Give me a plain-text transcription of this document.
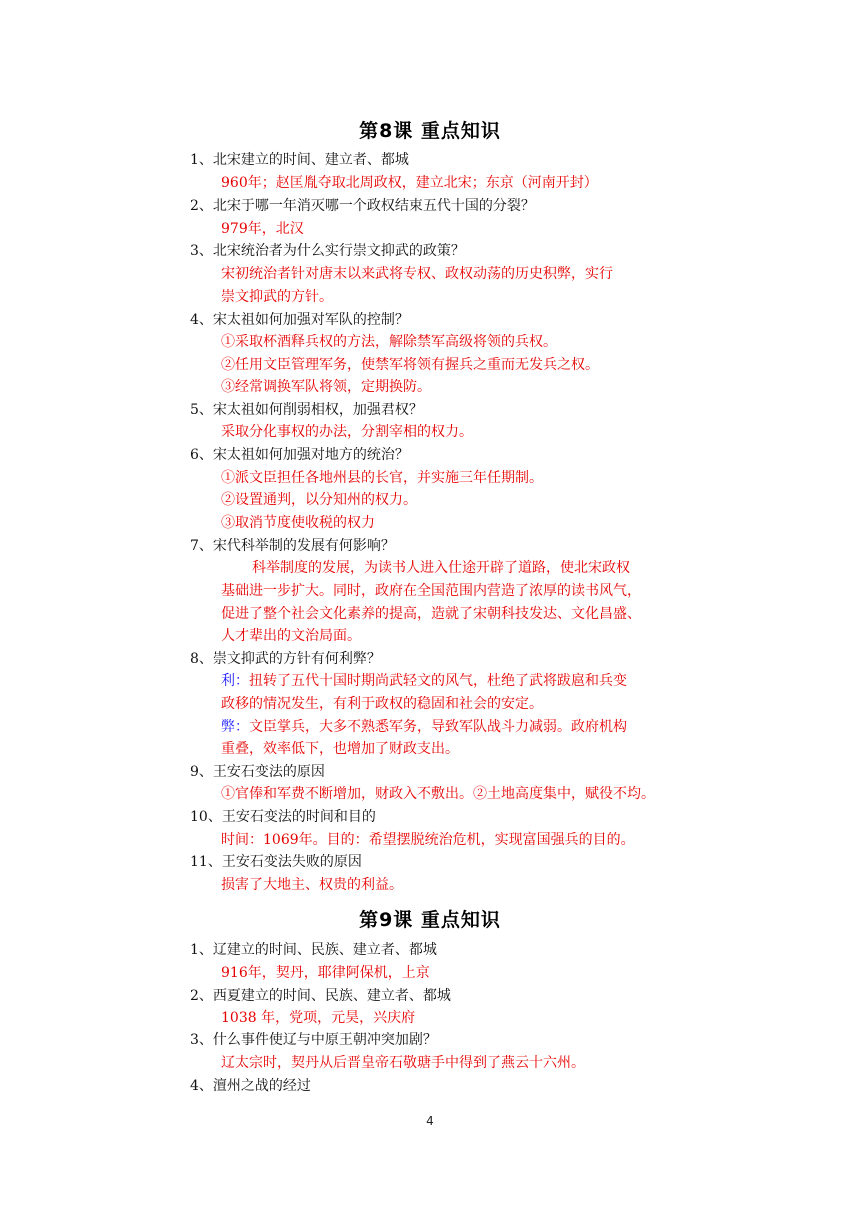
第8课 重点知识
1、北宋建立的时间、建立者、都城
960年；赵匡胤夺取北周政权，建立北宋；东京（河南开封）
2、北宋于哪一年消灭哪一个政权结束五代十国的分裂？
979年，北汉
3、北宋统治者为什么实行崇文抑武的政策？
宋初统治者针对唐末以来武将专权、政权动荡的历史积弊，实行
崇文抑武的方针。
4、宋太祖如何加强对军队的控制？
①采取杯酒释兵权的方法，解除禁军高级将领的兵权。
②任用文臣管理军务，使禁军将领有握兵之重而无发兵之权。
③经常调换军队将领，定期换防。
5、宋太祖如何削弱相权，加强君权？
采取分化事权的办法，分割宰相的权力。
6、宋太祖如何加强对地方的统治？
①派文臣担任各地州县的长官，并实施三年任期制。
②设置通判，以分知州的权力。
③取消节度使收税的权力
7、宋代科举制的发展有何影响？
科举制度的发展，为读书人进入仕途开辟了道路，使北宋政权
基础进一步扩大。同时，政府在全国范围内营造了浓厚的读书风气，
促进了整个社会文化素养的提高，造就了宋朝科技发达、文化昌盛、
人才辈出的文治局面。
8、崇文抑武的方针有何利弊？
利：扭转了五代十国时期尚武轻文的风气，杜绝了武将跋扈和兵变
政移的情况发生，有利于政权的稳固和社会的安定。
弊：文臣掌兵，大多不熟悉军务，导致军队战斗力减弱。政府机构
重叠，效率低下，也增加了财政支出。
9、王安石变法的原因
①官俸和军费不断增加，财政入不敷出。②土地高度集中，赋役不均。
10、王安石变法的时间和目的
时间：1069年。目的：希望摆脱统治危机，实现富国强兵的目的。
11、王安石变法失败的原因
损害了大地主、权贵的利益。
第9课 重点知识
1、辽建立的时间、民族、建立者、都城
916年，契丹，耶律阿保机，上京
2、西夏建立的时间、民族、建立者、都城
1038 年，党项，元昊，兴庆府
3、什么事件使辽与中原王朝冲突加剧？
辽太宗时，契丹从后晋皇帝石敬瑭手中得到了燕云十六州。
4、澶州之战的经过
4
